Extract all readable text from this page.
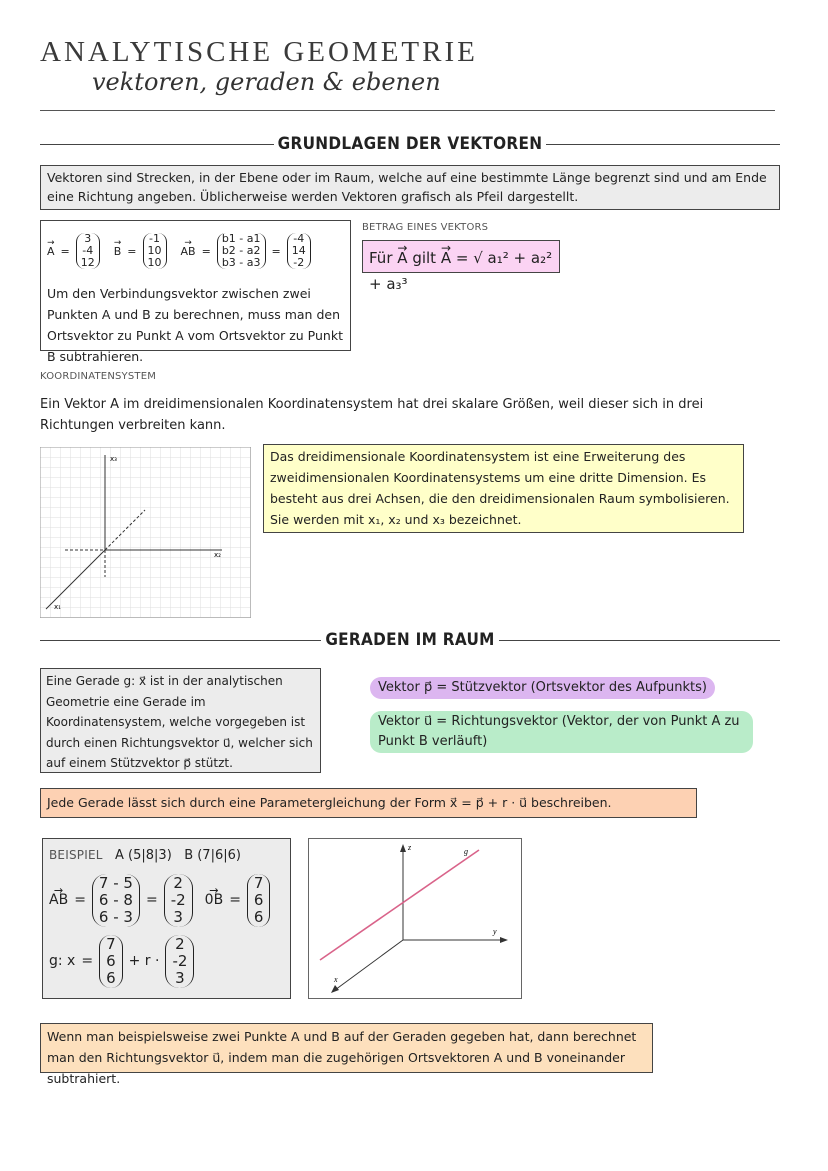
ANALYTISCHE GEOMETRIE
vektoren, geraden & ebenen
GRUNDLAGEN DER VEKTOREN
Vektoren sind Strecken, in der Ebene oder im Raum, welche auf eine bestimmte Länge begrenzt sind und am Ende eine Richtung angeben. Üblicherweise werden Vektoren grafisch als Pfeil dargestellt.
→ A =
3
-4
12
→ B =
-1
10
10
→ AB =
b1 - a1
b2 - a2
b3 - a3
=
-4
14
-2
Um den Verbindungsvektor zwischen zwei Punkten A und B zu berechnen, muss man den Ortsvektor zu Punkt A vom Ortsvektor zu Punkt B subtrahieren.
BETRAG EINES VEKTORS
Für → A gilt → A = √ a₁² + a₂² + a₃³
KOORDINATENSYSTEM
Ein Vektor A im dreidimensionalen Koordinatensystem hat drei skalare Größen, weil dieser sich in drei Richtungen verbreiten kann.
x₃
x₂
x₁
Das dreidimensionale Koordinatensystem ist eine Erweiterung des zweidimensionalen Koordinatensystems um eine dritte Dimension. Es besteht aus drei Achsen, die den dreidimensionalen Raum symbolisieren. Sie werden mit x₁, x₂ und x₃ bezeichnet.
GERADEN IM RAUM
Eine Gerade g: x⃗ ist in der analytischen Geometrie eine Gerade im Koordinatensystem, welche vorgegeben ist durch einen Richtungsvektor u⃗, welcher sich auf einem Stützvektor p⃗ stützt.
Vektor p⃗ = Stützvektor (Ortsvektor des Aufpunkts)
Vektor u⃗ = Richtungsvektor (Vektor, der von Punkt A zu Punkt B verläuft)
Jede Gerade lässt sich durch eine Parametergleichung der Form x⃗ = p⃗ + r · u⃗ beschreiben.
BEISPIEL A (5|8|3) B (7|6|6)
→ AB =
7 - 5
6 - 8
6 - 3
=
2
-2
3
→ 0B =
7
6
6
g: x =
7
6
6
+ r ·
2
-2
3
z
y
x
g
Wenn man beispielsweise zwei Punkte A und B auf der Geraden gegeben hat, dann berechnet man den Richtungsvektor u⃗, indem man die zugehörigen Ortsvektoren A und B voneinander subtrahiert.
